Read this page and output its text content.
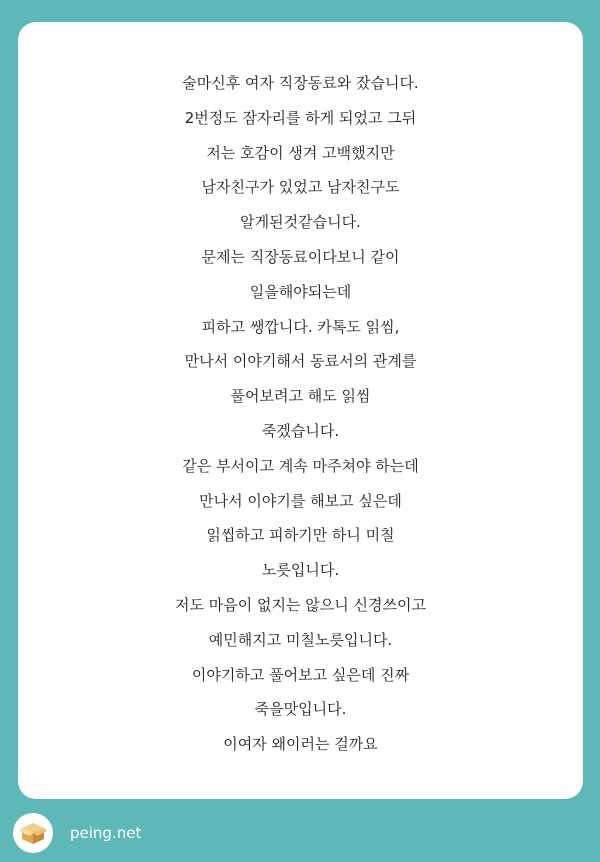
술마신후 여자 직장동료와 잤습니다.
2번정도 잠자리를 하게 되었고 그뒤
저는 호감이 생겨 고백했지만
남자친구가 있었고 남자친구도
알게된것같습니다.
문제는 직장동료이다보니 같이
일을해야되는데
피하고 쌩깝니다. 카톡도 읽씸,
만나서 이야기해서 동료서의 관계를
풀어보려고 해도 읽씸
죽겠습니다.
같은 부서이고 계속 마주쳐야 하는데
만나서 이야기를 해보고 싶은데
읽씹하고 피하기만 하니 미칠
노릇입니다.
저도 마음이 없지는 않으니 신경쓰이고
예민해지고 미칠노릇입니다.
이야기하고 풀어보고 싶은데 진짜
죽을맛입니다.
이여자 왜이러는 걸까요
peing.net
